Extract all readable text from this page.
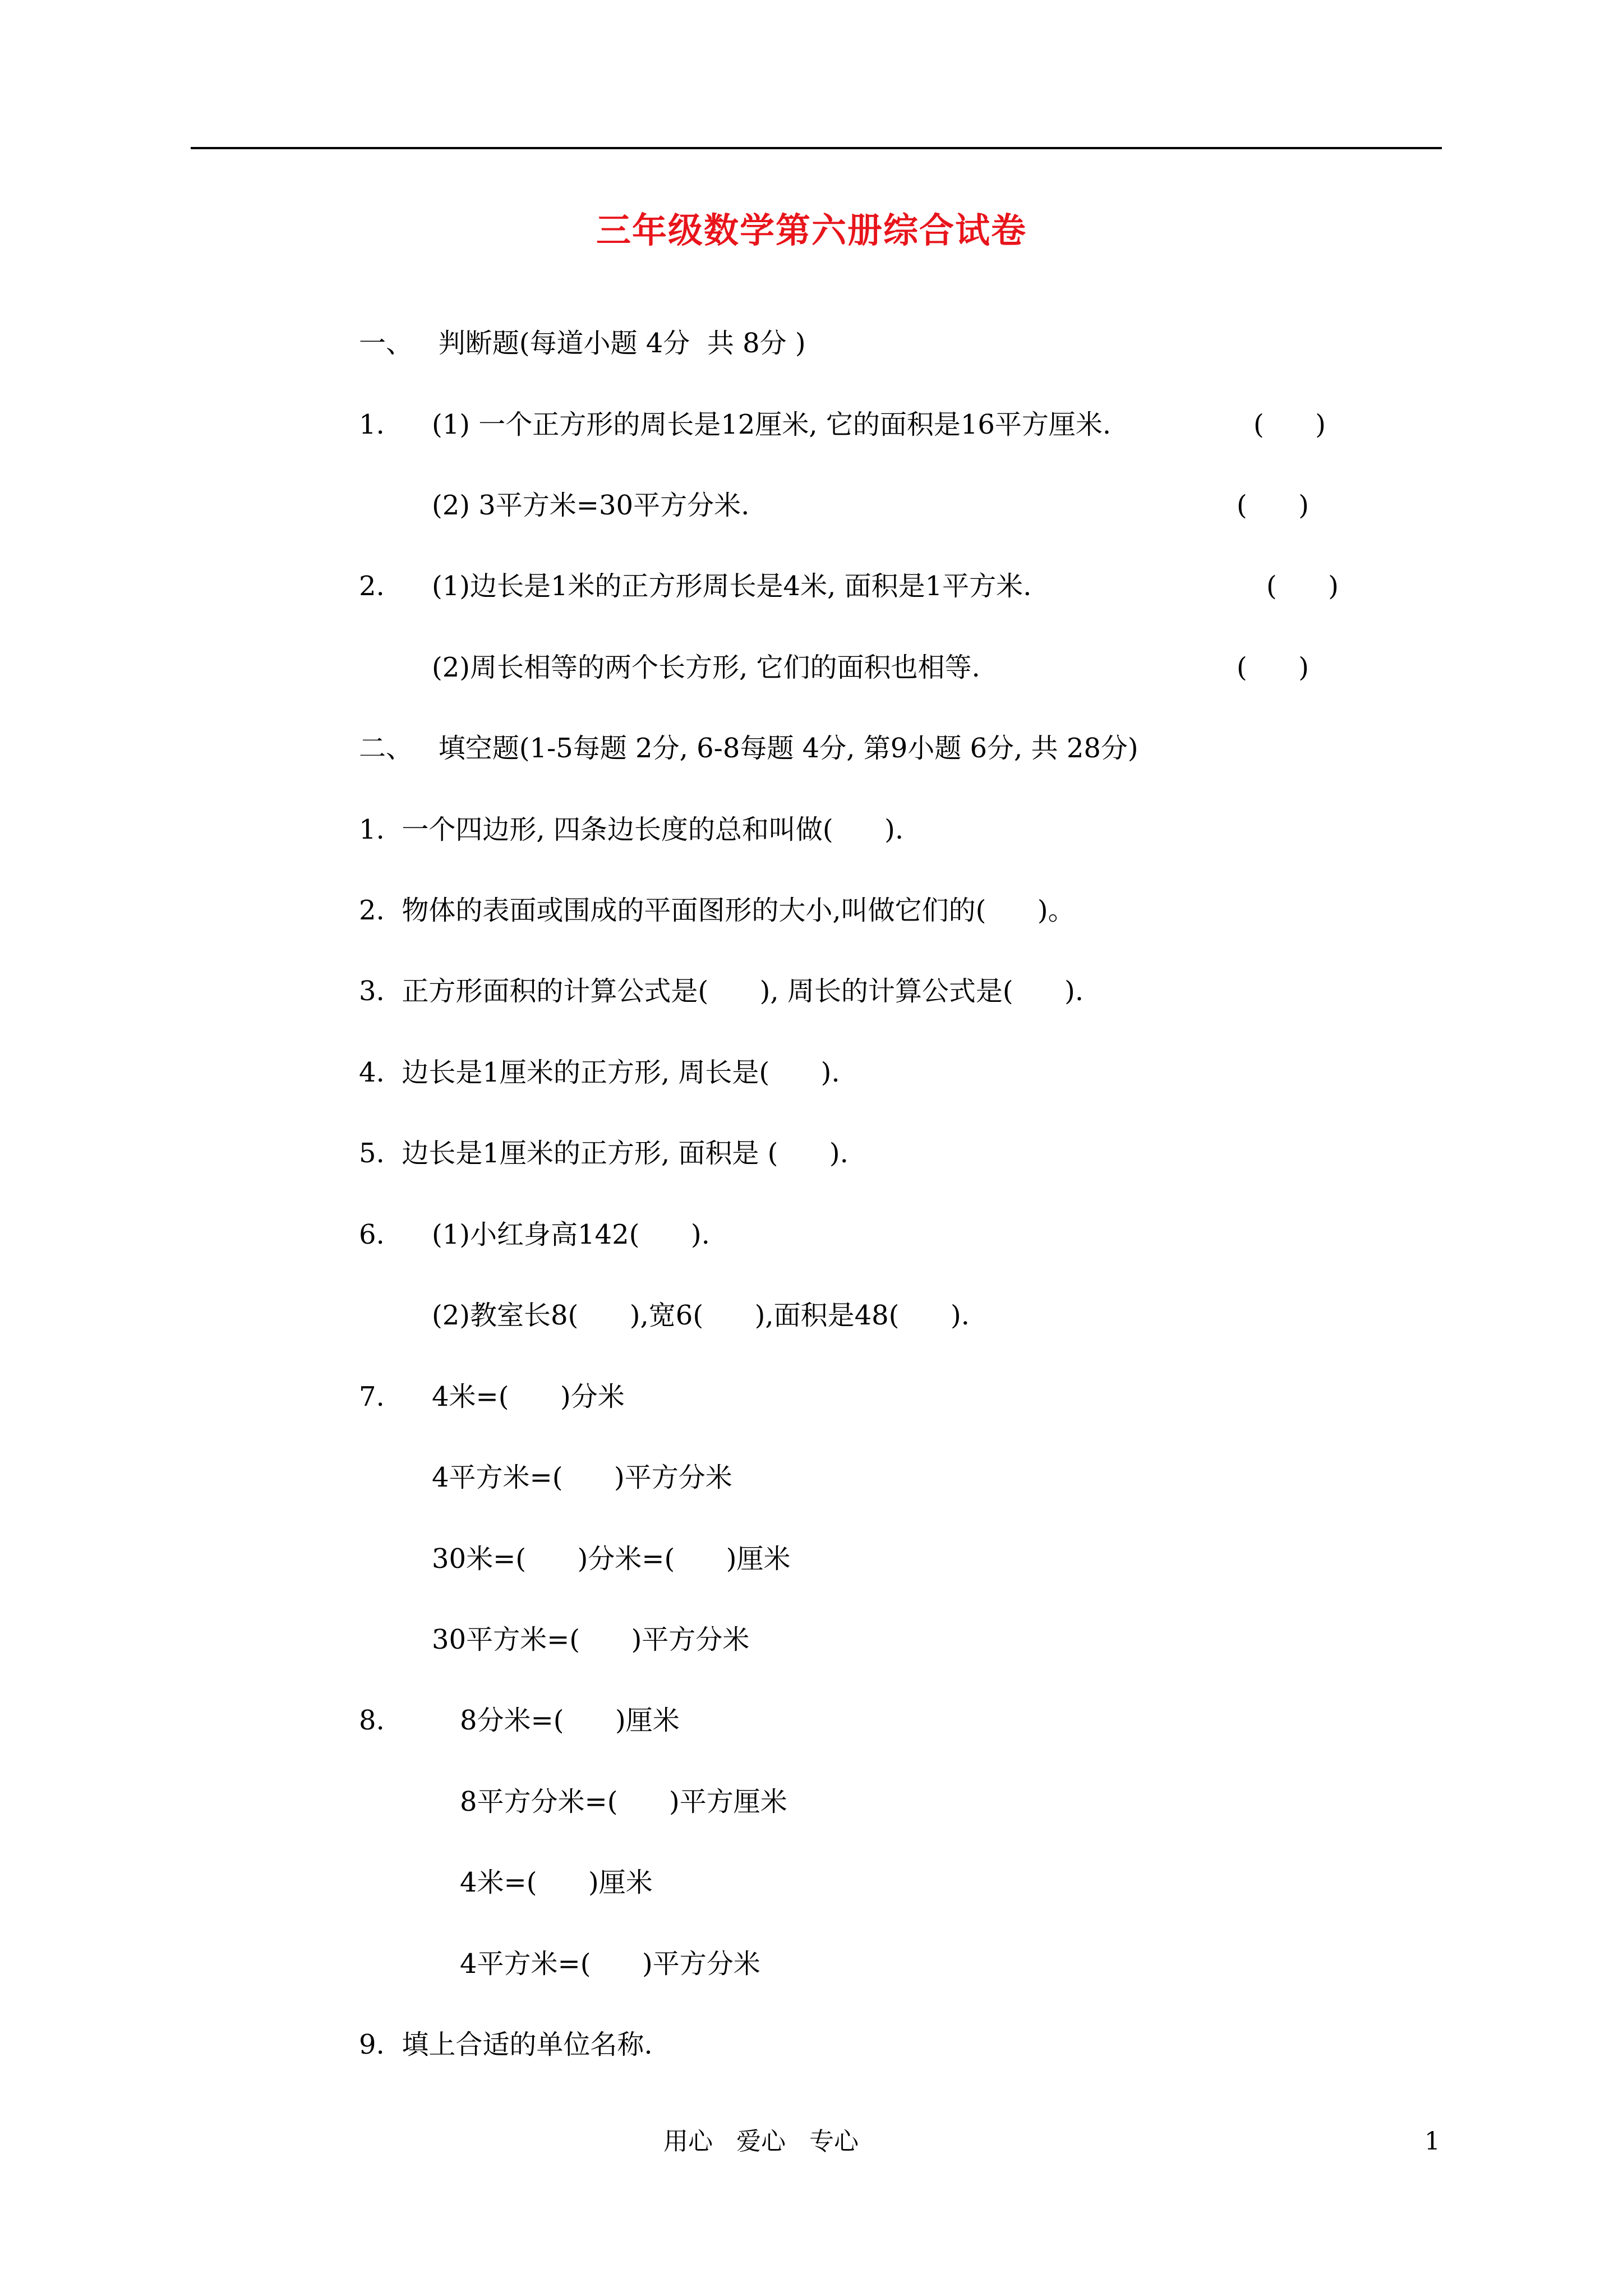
三年级数学第六册综合试卷
一、   判断题(每道小题 4分  共 8分 )
1. (1) 一个正方形的周长是12厘米, 它的面积是16平方厘米.	(      )
(2) 3平方米=30平方分米.	(      )
2. (1)边长是1米的正方形周长是4米, 面积是1平方米.	(      )
(2)周长相等的两个长方形, 它们的面积也相等.	(      )
二、   填空题(1-5每题 2分, 6-8每题 4分, 第9小题 6分, 共 28分)
1.  一个四边形, 四条边长度的总和叫做(      ).
2.  物体的表面或围成的平面图形的大小,叫做它们的(      )。
3.  正方形面积的计算公式是(      ), 周长的计算公式是(      ).
4.  边长是1厘米的正方形, 周长是(      ).
5.  边长是1厘米的正方形, 面积是 (      ).
6. (1)小红身高142(      ).
(2)教室长8(      ),宽6(      ),面积是48(      ).
7. 4米=(      )分米
4平方米=(      )平方分米
30米=(      )分米=(      )厘米
30平方米=(      )平方分米
8.	8分米=(      )厘米
8平方分米=(      )平方厘米
4米=(      )厘米
4平方米=(      )平方分米
9.  填上合适的单位名称.
用心   爱心   专心	1
